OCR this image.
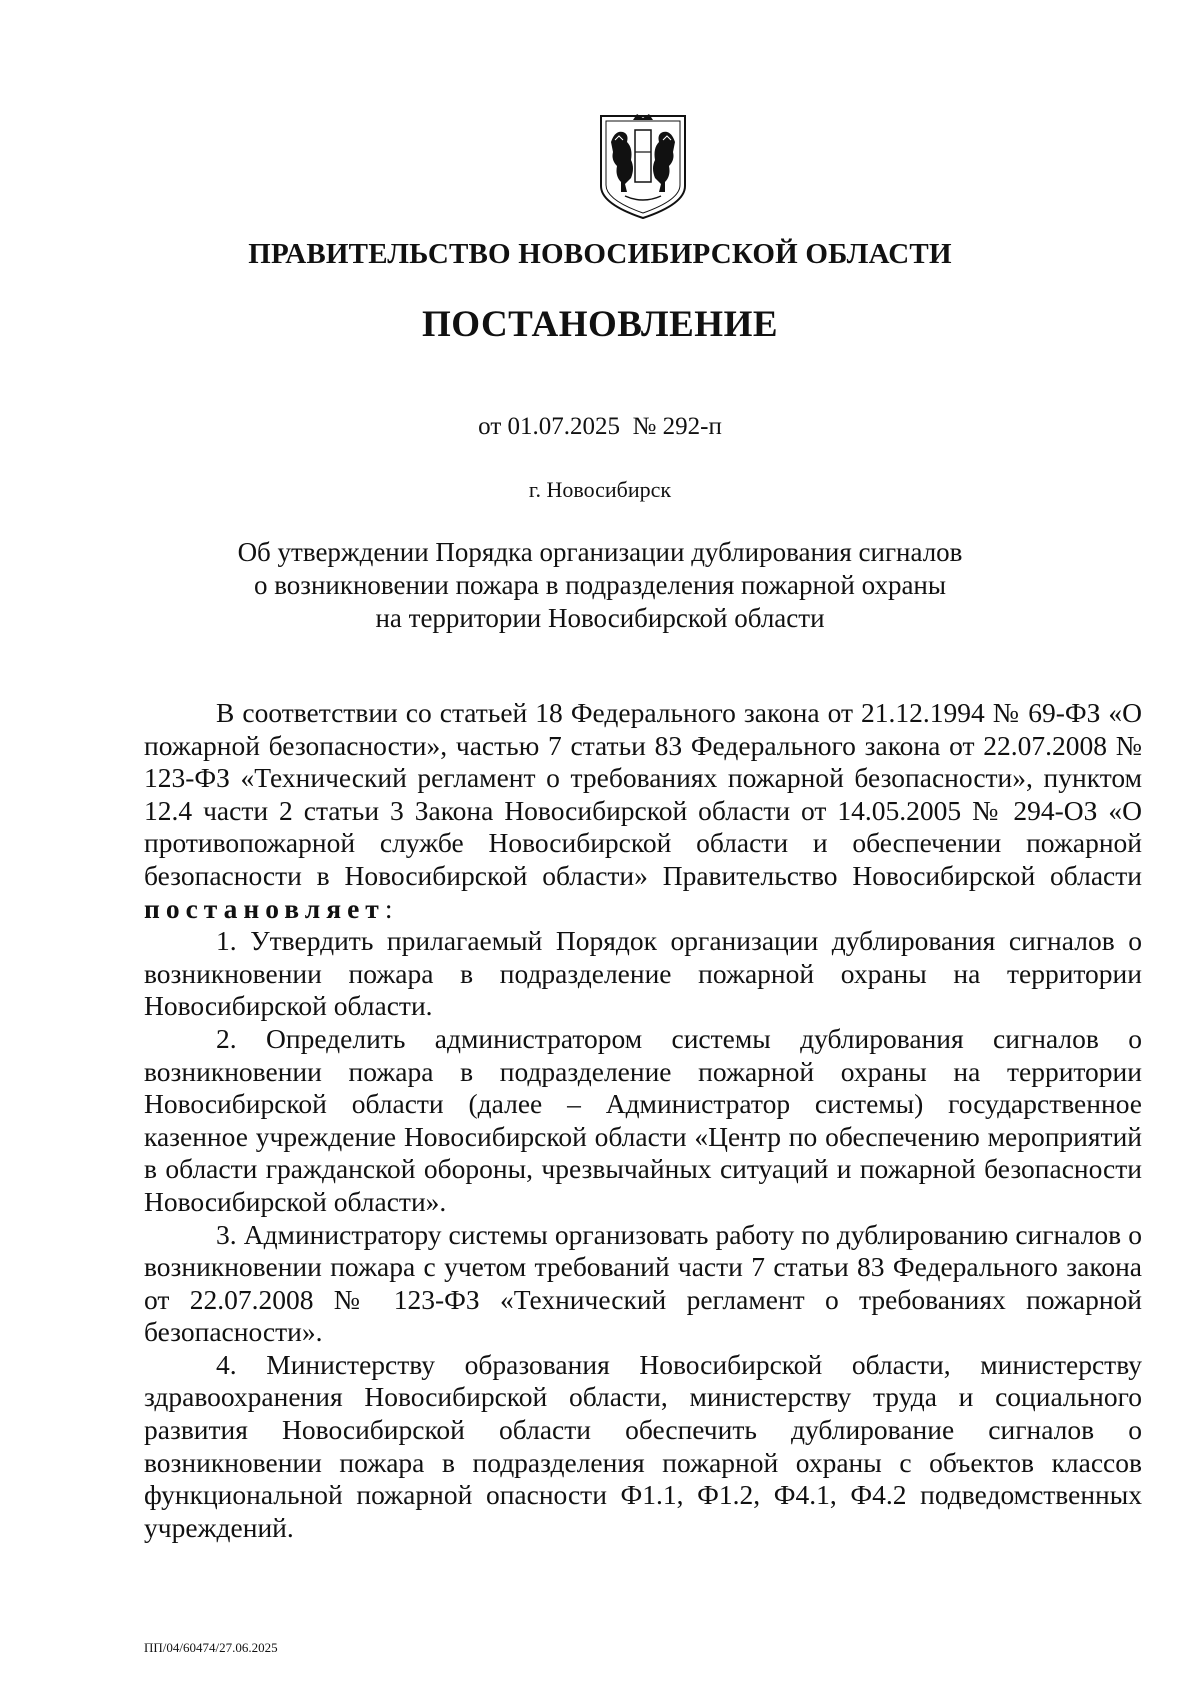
ПРАВИТЕЛЬСТВО НОВОСИБИРСКОЙ ОБЛАСТИ
ПОСТАНОВЛЕНИЕ
от 01.07.2025 № 292-п
г. Новосибирск
Об утверждении Порядка организации дублирования сигналов
о возникновении пожара в подразделения пожарной охраны
на территории Новосибирской области

В соответствии со статьей 18 Федерального закона от 21.12.1994 № 69-ФЗ «О пожарной безопасности», частью 7 статьи 83 Федерального закона от 22.07.2008 № 123-ФЗ «Технический регламент о требованиях пожарной безопасности», пунктом 12.4 части 2 статьи 3 Закона Новосибирской области от 14.05.2005 № 294-ОЗ «О противопожарной службе Новосибирской области и обеспечении пожарной безопасности в Новосибирской области» Правительство Новосибирской области постановляет:

1. Утвердить прилагаемый Порядок организации дублирования сигналов о возникновении пожара в подразделение пожарной охраны на территории Новосибирской области.

2. Определить администратором системы дублирования сигналов о возникновении пожара в подразделение пожарной охраны на территории Новосибирской области (далее – Администратор системы) государственное казенное учреждение Новосибирской области «Центр по обеспечению мероприятий в области гражданской обороны, чрезвычайных ситуаций и пожарной безопасности Новосибирской области».

3. Администратору системы организовать работу по дублированию сигналов о возникновении пожара с учетом требований части 7 статьи 83 Федерального закона от 22.07.2008 № 123-ФЗ «Технический регламент о требованиях пожарной безопасности».

4. Министерству образования Новосибирской области, министерству здравоохранения Новосибирской области, министерству труда и социального развития Новосибирской области обеспечить дублирование сигналов о возникновении пожара в подразделения пожарной охраны с объектов классов функциональной пожарной опасности Ф1.1, Ф1.2, Ф4.1, Ф4.2 подведомственных учреждений.

ПП/04/60474/27.06.2025
